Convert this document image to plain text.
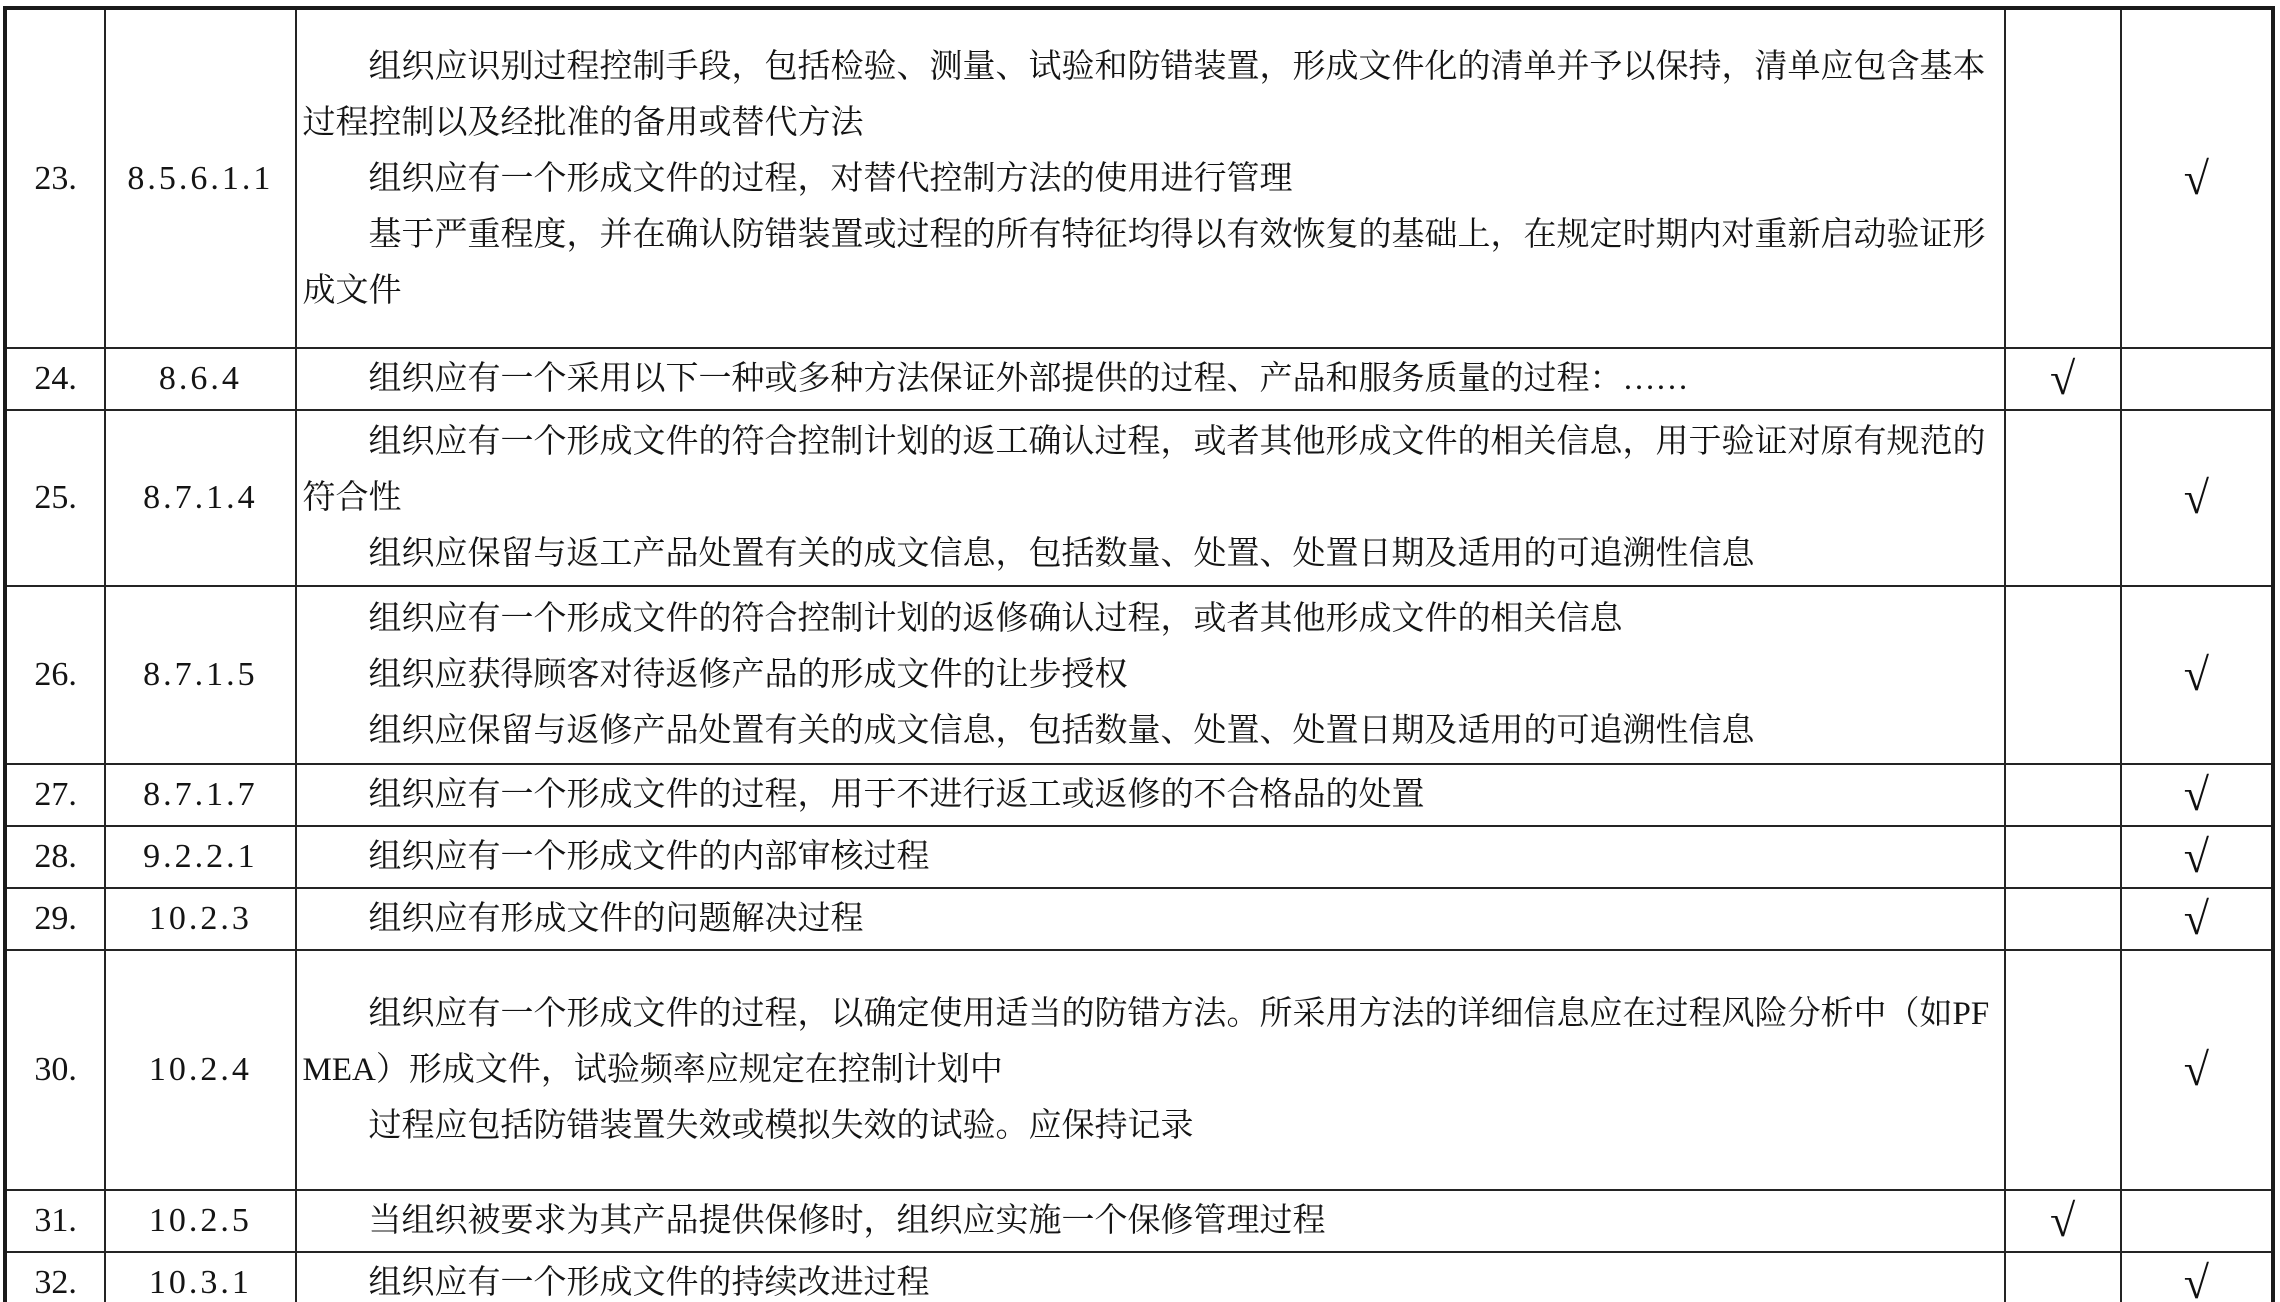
23.	8.5.6.1.1	组织应识别过程控制手段，包括检验、测量、试验和防错装置，形成文件化的清单并予以保持，清单应包含基本过程控制以及经批准的备用或替代方法

组织应有一个形成文件的过程，对替代控制方法的使用进行管理

基于严重程度，并在确认防错装置或过程的所有特征均得以有效恢复的基础上，在规定时期内对重新启动验证形成文件		√
24.	8.6.4	组织应有一个采用以下一种或多种方法保证外部提供的过程、产品和服务质量的过程：……	√	
25.	8.7.1.4	组织应有一个形成文件的符合控制计划的返工确认过程，或者其他形成文件的相关信息，用于验证对原有规范的符合性

组织应保留与返工产品处置有关的成文信息，包括数量、处置、处置日期及适用的可追溯性信息		√
26.	8.7.1.5	组织应有一个形成文件的符合控制计划的返修确认过程，或者其他形成文件的相关信息

组织应获得顾客对待返修产品的形成文件的让步授权

组织应保留与返修产品处置有关的成文信息，包括数量、处置、处置日期及适用的可追溯性信息		√
27.	8.7.1.7	组织应有一个形成文件的过程，用于不进行返工或返修的不合格品的处置		√
28.	9.2.2.1	组织应有一个形成文件的内部审核过程		√
29.	10.2.3	组织应有形成文件的问题解决过程		√
30.	10.2.4	组织应有一个形成文件的过程，以确定使用适当的防错方法。所采用方法的详细信息应在过程风险分析中（如PFMEA）形成文件，试验频率应规定在控制计划中

过程应包括防错装置失效或模拟失效的试验。应保持记录		√
31.	10.2.5	当组织被要求为其产品提供保修时，组织应实施一个保修管理过程	√	
32.	10.3.1	组织应有一个形成文件的持续改进过程		√
